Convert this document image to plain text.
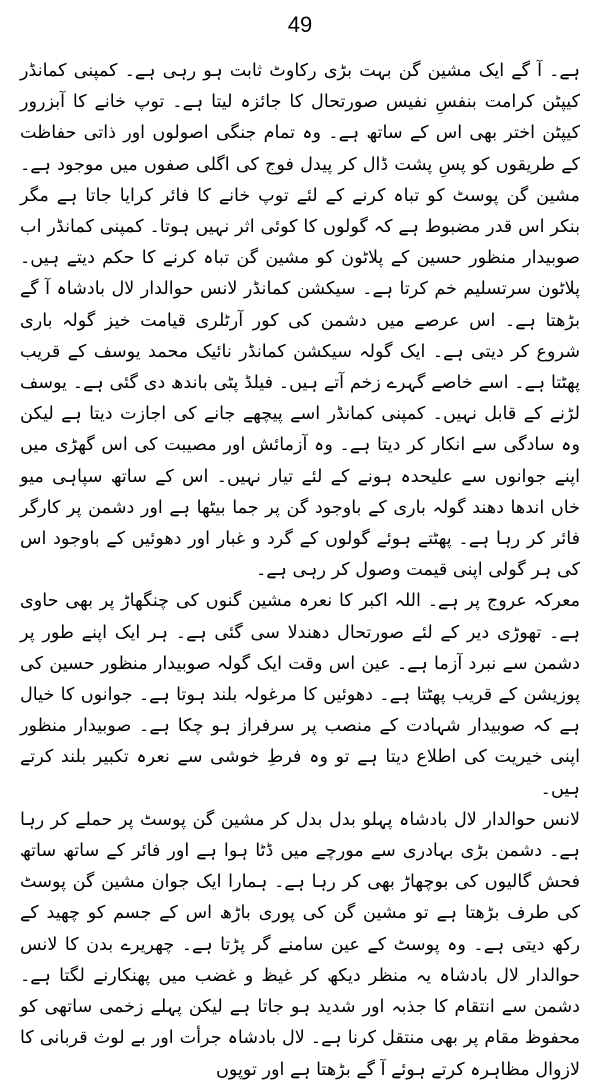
49

ہے۔ آ گے ایک مشین گن بہت بڑی رکاوٹ ثابت ہو رہی ہے۔ کمپنی کمانڈر کیپٹن کرامت بنفسِ نفیس صورتحال کا جائزہ لیتا ہے۔ توپ خانے کا آبزرور کیپٹن اختر بھی اس کے ساتھ ہے۔ وہ تمام جنگی اصولوں اور ذاتی حفاظت کے طریقوں کو پسِ پشت ڈال کر پیدل فوج کی اگلی صفوں میں موجود ہے۔ مشین گن پوسٹ کو تباہ کرنے کے لئے توپ خانے کا فائر کرایا جاتا ہے مگر بنکر اس قدر مضبوط ہے کہ گولوں کا کوئی اثر نہیں ہوتا۔ کمپنی کمانڈر اب صوبیدار منظور حسین کے پلاٹون کو مشین گن تباہ کرنے کا حکم دیتے ہیں۔ پلاٹون سرتسلیم خم کرتا ہے۔ سیکشن کمانڈر لانس حوالدار لال بادشاہ آ گے بڑھتا ہے۔ اس عرصے میں دشمن کی کور آرٹلری قیامت خیز گولہ باری شروع کر دیتی ہے۔ ایک گولہ سیکشن کمانڈر نائیک محمد یوسف کے قریب پھٹتا ہے۔ اسے خاصے گہرے زخم آتے ہیں۔ فیلڈ پٹی باندھ دی گئی ہے۔ یوسف لڑنے کے قابل نہیں۔ کمپنی کمانڈر اسے پیچھے جانے کی اجازت دیتا ہے لیکن وہ سادگی سے انکار کر دیتا ہے۔ وہ آزمائش اور مصیبت کی اس گھڑی میں اپنے جوانوں سے علیحدہ ہونے کے لئے تیار نہیں۔ اس کے ساتھ سپاہی میو خاں اندھا دھند گولہ باری کے باوجود گن پر جما بیٹھا ہے اور دشمن پر کارگر فائر کر رہا ہے۔ پھٹتے ہوئے گولوں کے گرد و غبار اور دھوئیں کے باوجود اس کی ہر گولی اپنی قیمت وصول کر رہی ہے۔

معرکہ عروج پر ہے۔ اللہ اکبر کا نعرہ مشین گنوں کی چنگھاڑ پر بھی حاوی ہے۔ تھوڑی دیر کے لئے صورتحال دھندلا سی گئی ہے۔ ہر ایک اپنے طور پر دشمن سے نبرد آزما ہے۔ عین اس وقت ایک گولہ صوبیدار منظور حسین کی پوزیشن کے قریب پھٹتا ہے۔ دھوئیں کا مرغولہ بلند ہوتا ہے۔ جوانوں کا خیال ہے کہ صوبیدار شہادت کے منصب پر سرفراز ہو چکا ہے۔ صوبیدار منظور اپنی خیریت کی اطلاع دیتا ہے تو وہ فرطِ خوشی سے نعرہ تکبیر بلند کرتے ہیں۔

لانس حوالدار لال بادشاہ پہلو بدل بدل کر مشین گن پوسٹ پر حملے کر رہا ہے۔ دشمن بڑی بہادری سے مورچے میں ڈٹا ہوا ہے اور فائر کے ساتھ ساتھ فحش گالیوں کی بوچھاڑ بھی کر رہا ہے۔ ہمارا ایک جوان مشین گن پوسٹ کی طرف بڑھتا ہے تو مشین گن کی پوری باڑھ اس کے جسم کو چھید کے رکھ دیتی ہے۔ وہ پوسٹ کے عین سامنے گر پڑتا ہے۔ چھریرے بدن کا لانس حوالدار لال بادشاہ یہ منظر دیکھ کر غیظ و غضب میں پھنکارنے لگتا ہے۔ دشمن سے انتقام کا جذبہ اور شدید ہو جاتا ہے لیکن پہلے زخمی ساتھی کو محفوظ مقام پر بھی منتقل کرنا ہے۔ لال بادشاہ جرأت اور بے لوث قربانی کا لازوال مظاہرہ کرتے ہوئے آ گے بڑھتا ہے اور توپوں
